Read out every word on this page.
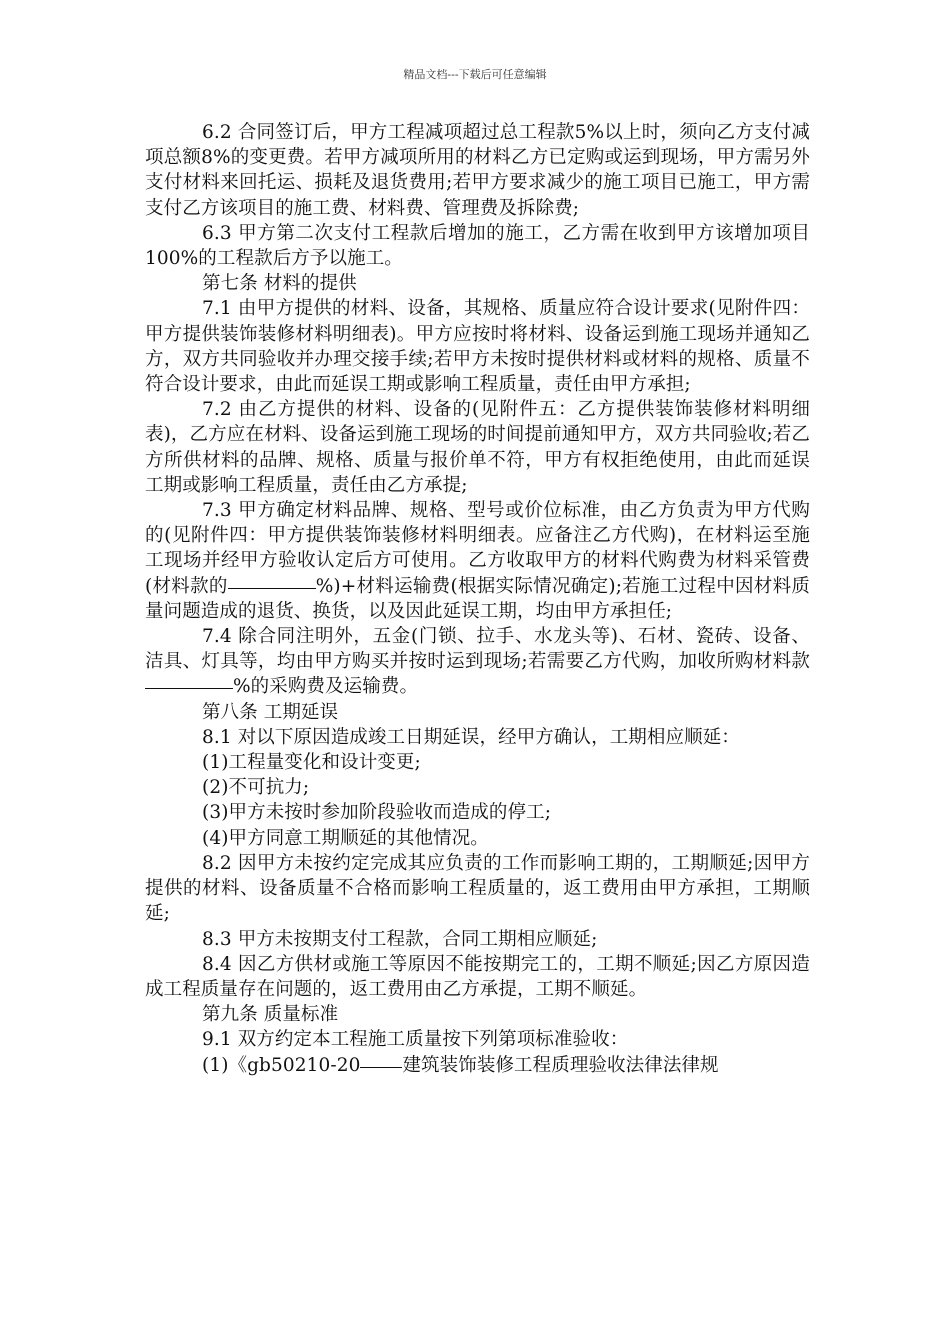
精品文档---下载后可任意编辑

6.2 合同签订后，甲方工程减项超过总工程款5%以上时，须向乙方支付减项总额8%的变更费。若甲方减项所用的材料乙方已定购或运到现场，甲方需另外支付材料来回托运、损耗及退货费用;若甲方要求减少的施工项目已施工，甲方需支付乙方该项目的施工费、材料费、管理费及拆除费;

6.3 甲方第二次支付工程款后增加的施工，乙方需在收到甲方该增加项目100%的工程款后方予以施工。

第七条 材料的提供

7.1 由甲方提供的材料、设备，其规格、质量应符合设计要求(见附件四：甲方提供装饰装修材料明细表)。甲方应按时将材料、设备运到施工现场并通知乙方，双方共同验收并办理交接手续;若甲方未按时提供材料或材料的规格、质量不符合设计要求，由此而延误工期或影响工程质量，责任由甲方承担;

7.2 由乙方提供的材料、设备的(见附件五：乙方提供装饰装修材料明细表)，乙方应在材料、设备运到施工现场的时间提前通知甲方，双方共同验收;若乙方所供材料的品牌、规格、质量与报价单不符，甲方有权拒绝使用，由此而延误工期或影响工程质量，责任由乙方承提;

7.3 甲方确定材料品牌、规格、型号或价位标准，由乙方负责为甲方代购的(见附件四：甲方提供装饰装修材料明细表。应备注乙方代购)，在材料运至施工现场并经甲方验收认定后方可使用。乙方收取甲方的材料代购费为材料采管费(材料款的	%)+材料运输费(根据实际情况确定);若施工过程中因材料质量问题造成的退货、换货，以及因此延误工期，均由甲方承担任;

7.4 除合同注明外，五金(门锁、拉手、水龙头等)、石材、瓷砖、设备、洁具、灯具等，均由甲方购买并按时运到现场;若需要乙方代购，加收所购材料款%的采购费及运输费。

第八条 工期延误

8.1 对以下原因造成竣工日期延误，经甲方确认，工期相应顺延：

(1)工程量变化和设计变更;

(2)不可抗力;

(3)甲方未按时参加阶段验收而造成的停工;

(4)甲方同意工期顺延的其他情况。

8.2 因甲方未按约定完成其应负责的工作而影响工期的，工期顺延;因甲方提供的材料、设备质量不合格而影响工程质量的，返工费用由甲方承担，工期顺延;

8.3 甲方未按期支付工程款，合同工期相应顺延;

8.4 因乙方供材或施工等原因不能按期完工的，工期不顺延;因乙方原因造成工程质量存在问题的，返工费用由乙方承提，工期不顺延。

第九条 质量标准

9.1 双方约定本工程施工质量按下列第项标准验收：

(1)《gb50210-20 建筑装饰装修工程质理验收法律法律规
